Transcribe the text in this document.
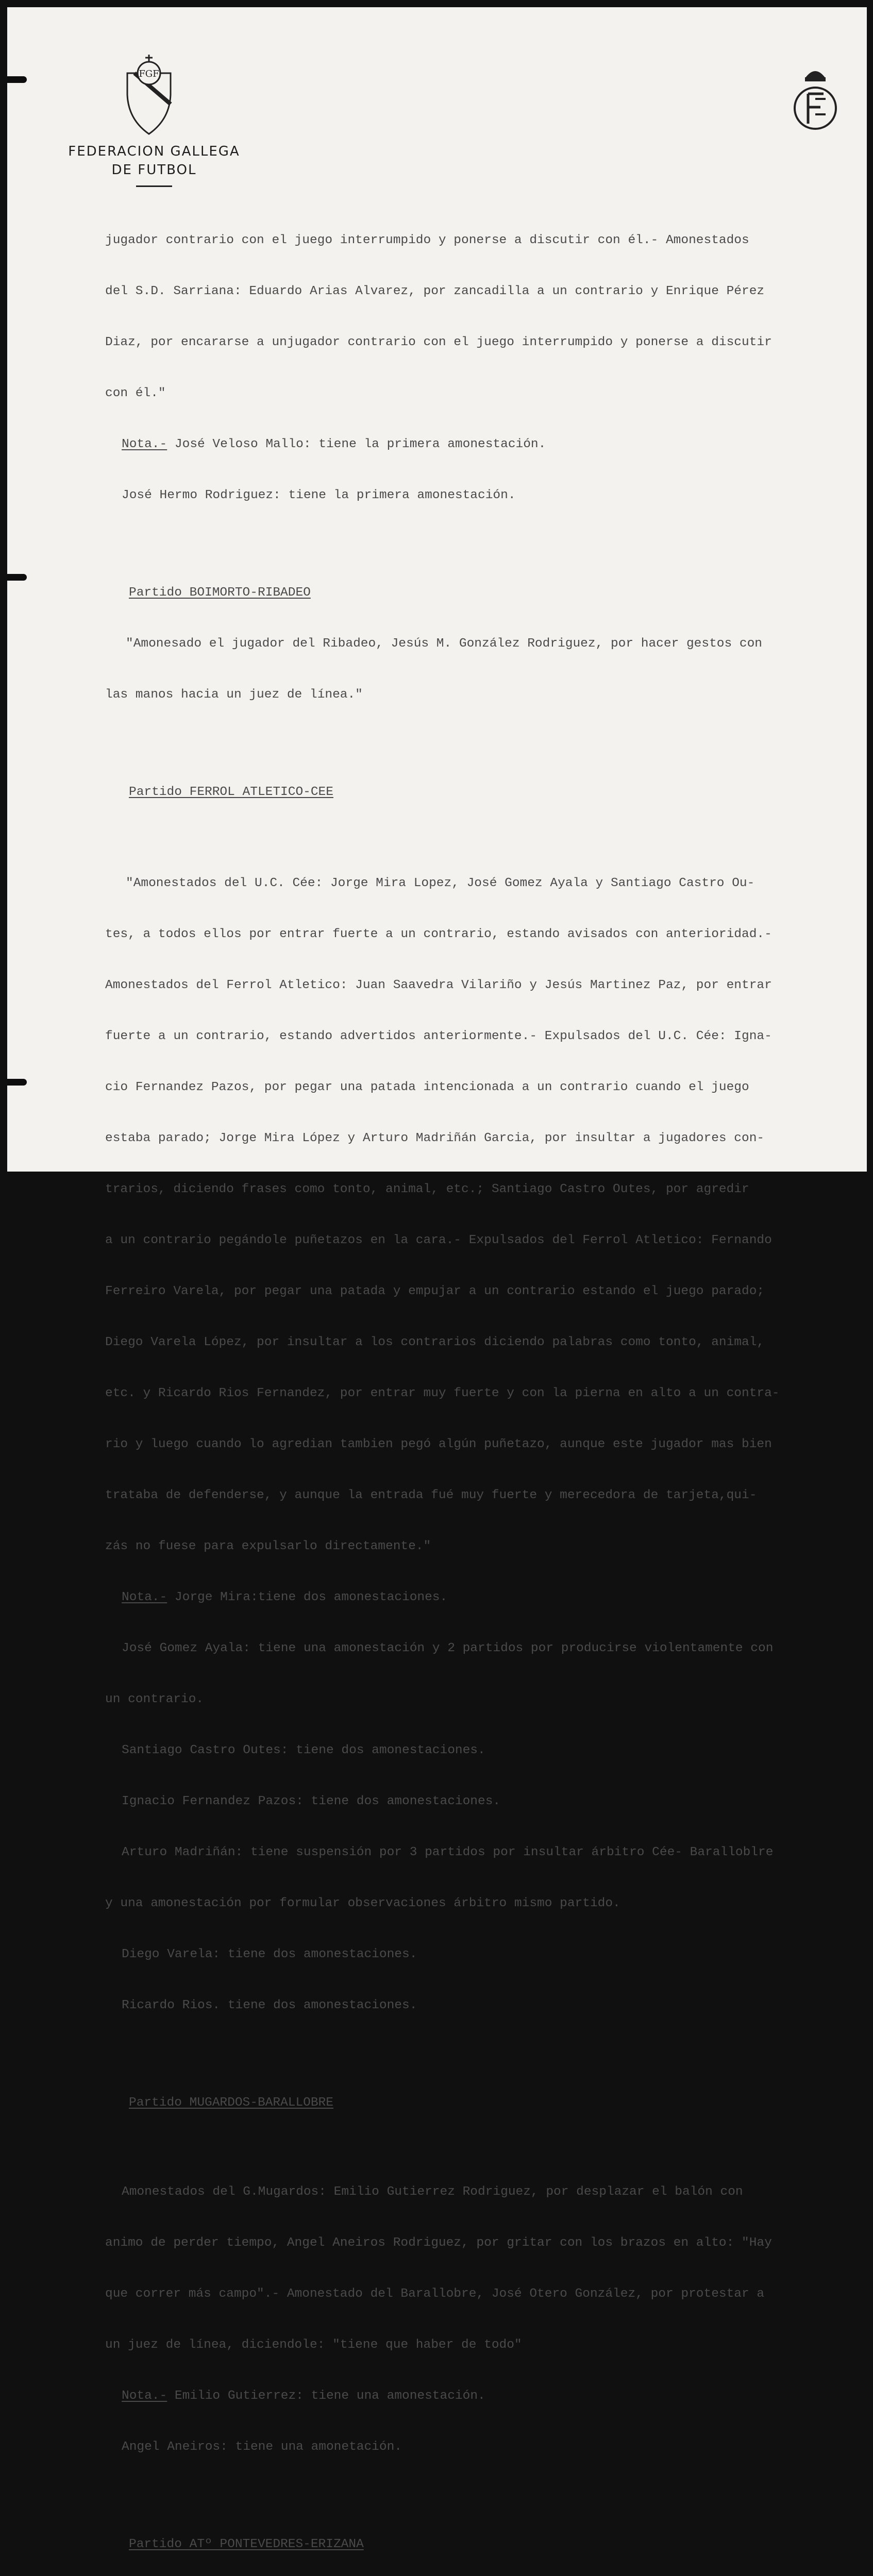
FGF
FEDERACION GALLEGA
DE FUTBOL

jugador contrario con el juego interrumpido y ponerse a discutir con él.- Amonestados

del S.D. Sarriana: Eduardo Arias Alvarez, por zancadilla a un contrario y Enrique Pérez

Diaz, por encararse a unjugador contrario con el juego interrumpido y ponerse a discutir

con él."

Nota.- José Veloso Mallo: tiene la primera amonestación.

José Hermo Rodriguez: tiene la primera amonestación.

Partido BOIMORTO-RIBADEO

"Amonesado el jugador del Ribadeo, Jesús M. González Rodriguez, por hacer gestos con

las manos hacia un juez de línea."

Partido FERROL ATLETICO-CEE

"Amonestados del U.C. Cée: Jorge Mira Lopez, José Gomez Ayala y Santiago Castro Ou-

tes, a todos ellos por entrar fuerte a un contrario, estando avisados con anterioridad.-

Amonestados del Ferrol Atletico: Juan Saavedra Vilariño y Jesús Martinez Paz, por entrar

fuerte a un contrario, estando advertidos anteriormente.- Expulsados del U.C. Cée: Igna-

cio Fernandez Pazos, por pegar una patada intencionada a un contrario cuando el juego

estaba parado; Jorge Mira López y Arturo Madriñán Garcia, por insultar a jugadores con-

trarios, diciendo frases como tonto, animal, etc.; Santiago Castro Outes, por agredir

a un contrario pegándole puñetazos en la cara.- Expulsados del Ferrol Atletico: Fernando

Ferreiro Varela, por pegar una patada y empujar a un contrario estando el juego parado;

Diego Varela López, por insultar a los contrarios diciendo palabras como tonto, animal,

etc. y Ricardo Rios Fernandez, por entrar muy fuerte y con la pierna en alto a un contra-

rio y luego cuando lo agredian tambien pegó algún puñetazo, aunque este jugador mas bien

trataba de defenderse, y aunque la entrada fué muy fuerte y merecedora de tarjeta,qui-

zás no fuese para expulsarlo directamente."

Nota.- Jorge Mira:tiene dos amonestaciones.

José Gomez Ayala: tiene una amonestación y 2 partidos por producirse violentamente con

un contrario.

Santiago Castro Outes: tiene dos amonestaciones.

Ignacio Fernandez Pazos: tiene dos amonestaciones.

Arturo Madriñán: tiene suspensión por 3 partidos por insultar árbitro Cée- Baralloblre

y una amonestación por formular observaciones árbitro mismo partido.

Diego Varela: tiene dos amonestaciones.

Ricardo Rios. tiene dos amonestaciones.

Partido MUGARDOS-BARALLOBRE

Amonestados del G.Mugardos: Emilio Gutierrez Rodriguez, por desplazar el balón con

animo de perder tiempo, Angel Aneiros Rodriguez, por gritar con los brazos en alto: "Hay

que correr más campo".- Amonestado del Barallobre, José Otero González, por protestar a

un juez de línea, diciendole: "tiene que haber de todo"

Nota.- Emilio Gutierrez: tiene una amonestación.

Angel Aneiros: tiene una amonetación.

Partido ATº PONTEVEDRES-ERIZANA
